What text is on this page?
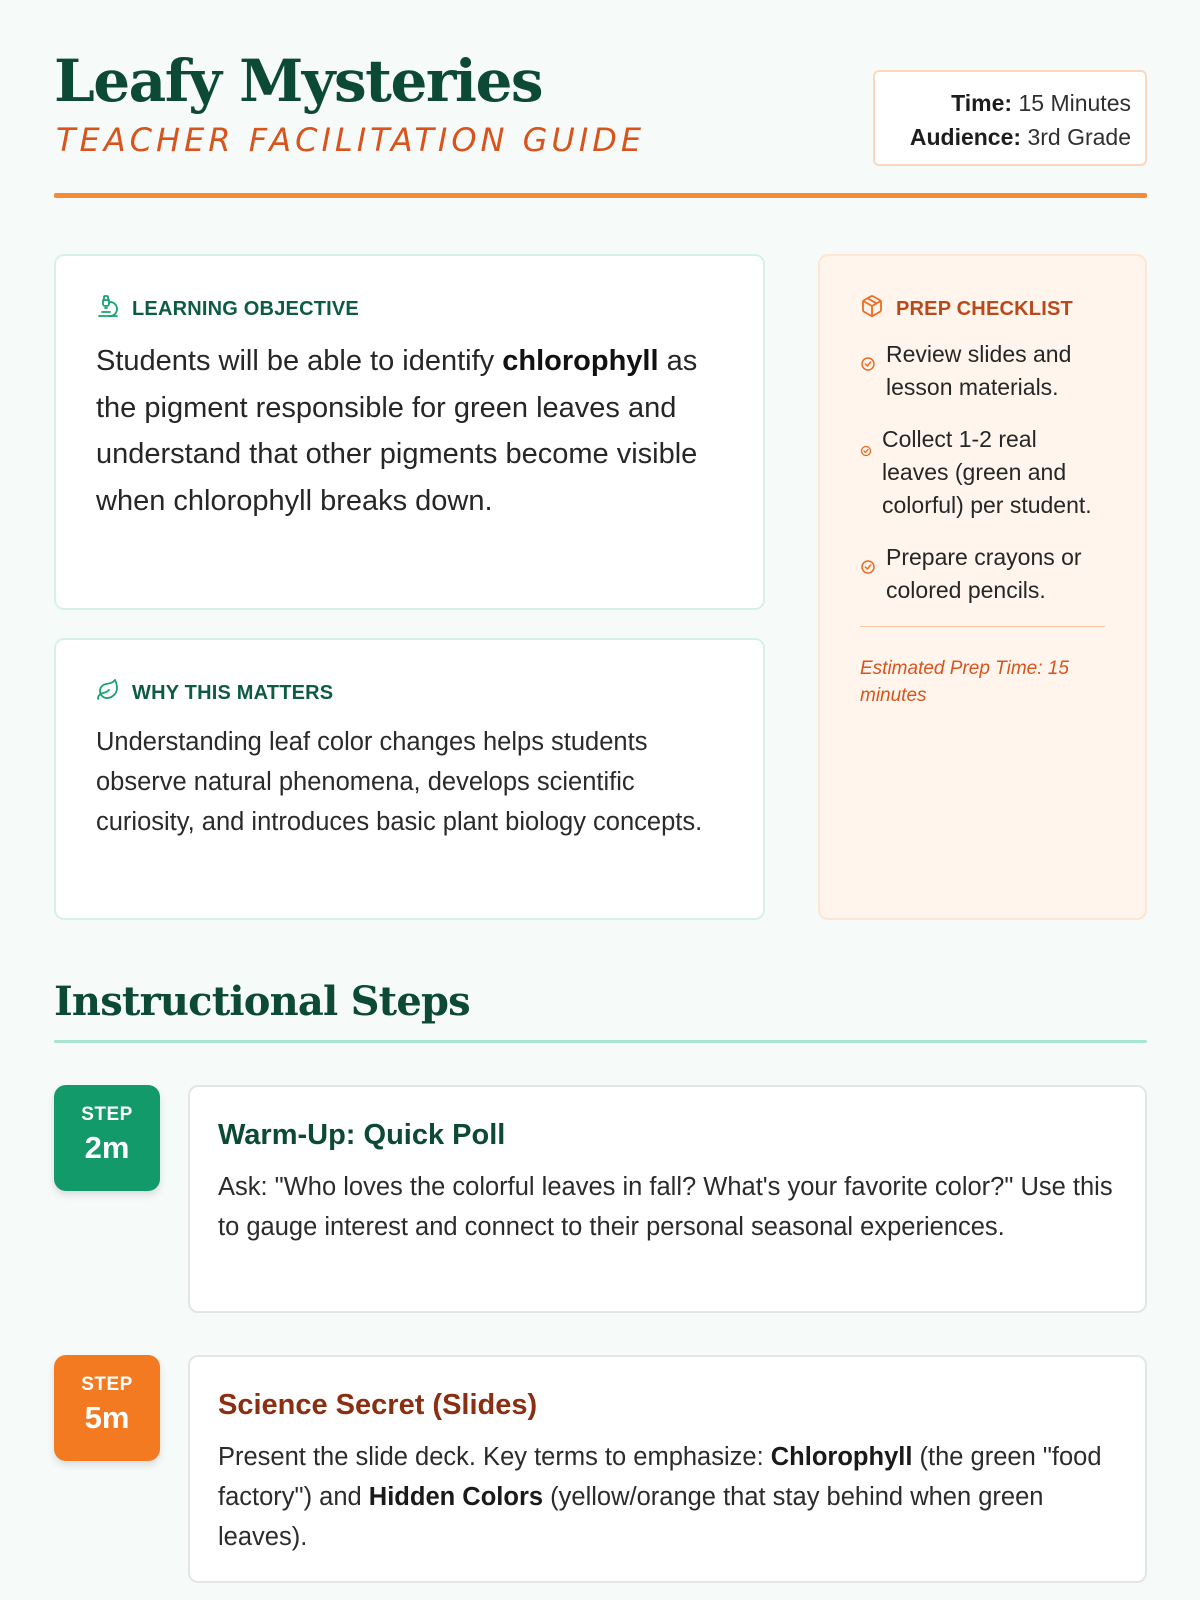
Leafy Mysteries
TEACHER FACILITATION GUIDE
Time: 15 Minutes
Audience: 3rd Grade
LEARNING OBJECTIVE

Students will be able to identify chlorophyll as the pigment responsible for green leaves and understand that other pigments become visible when chlorophyll breaks down.

WHY THIS MATTERS

Understanding leaf color changes helps students observe natural phenomena, develops scientific curiosity, and introduces basic plant biology concepts.

PREP CHECKLIST
Review slides and lesson materials.
Collect 1-2 real leaves (green and colorful) per student.
Prepare crayons or colored pencils.

Estimated Prep Time: 15 minutes

Instructional Steps
STEP
2m	Warm-Up: Quick Poll

Ask: "Who loves the colorful leaves in fall? What's your favorite color?" Use this to gauge interest and connect to their personal seasonal experiences.

STEP
5m	Science Secret (Slides)

Present the slide deck. Key terms to emphasize: Chlorophyll (the green "food factory") and Hidden Colors (yellow/orange that stay behind when green leaves).
